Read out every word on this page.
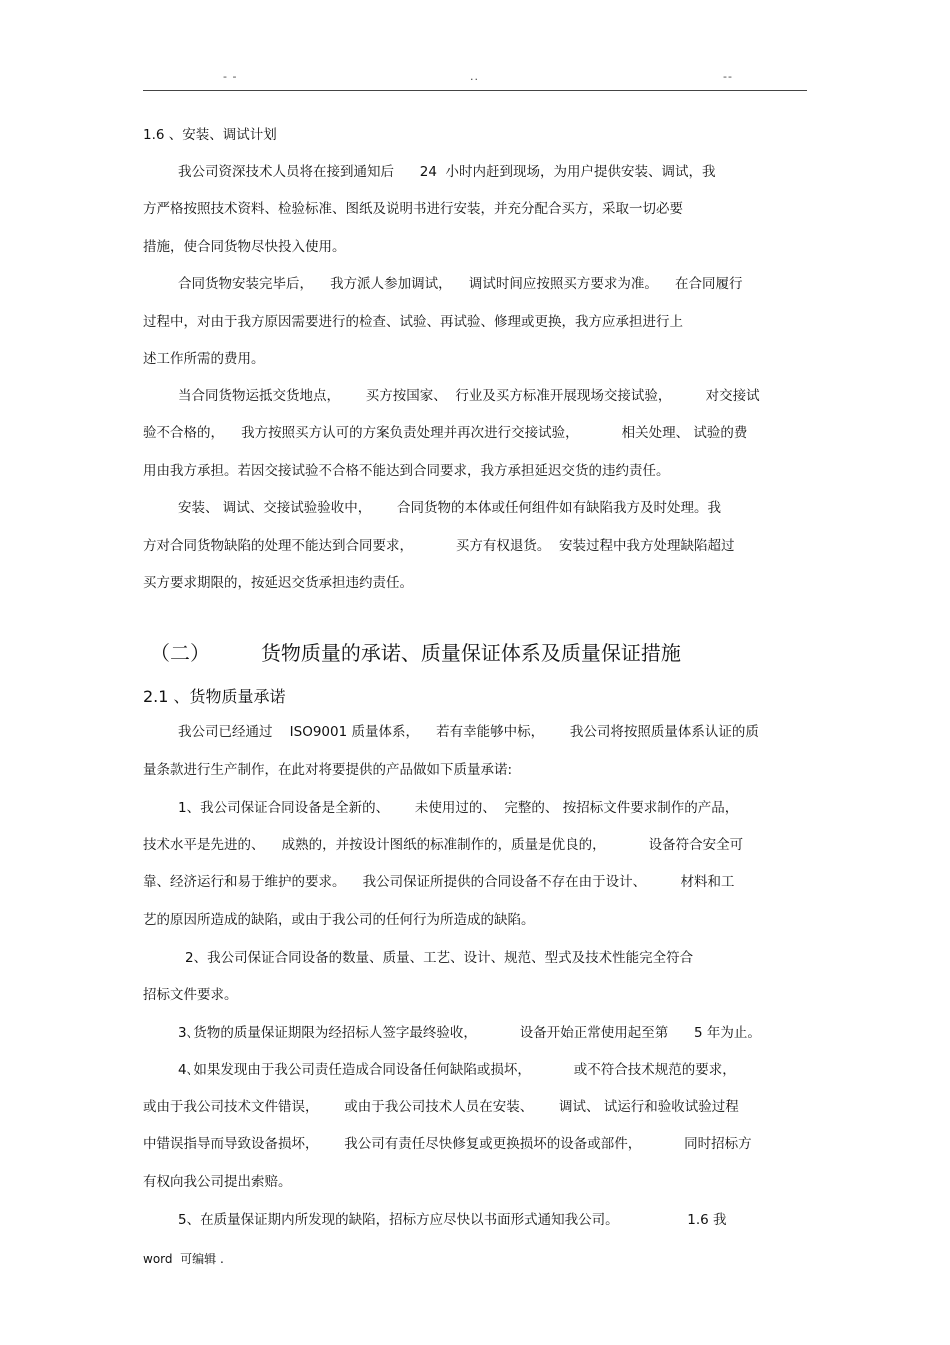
- -	..	--
1.6 、安装、调试计划
我公司资深技术人员将在接到通知后      24  小时内赶到现场，为用户提供安装、调试，我
方严格按照技术资料、检验标准、图纸及说明书进行安装，并充分配合买方，采取一切必要
措施，使合同货物尽快投入使用。
合同货物安装完毕后，    我方派人参加调试，    调试时间应按照买方要求为准。    在合同履行
过程中，对由于我方原因需要进行的检查、试验、再试验、修理或更换，我方应承担进行上
述工作所需的费用。
当合同货物运抵交货地点，      买方按国家、  行业及买方标准开展现场交接试验，        对交接试
验不合格的，    我方按照买方认可的方案负责处理并再次进行交接试验，          相关处理、 试验的费
用由我方承担。若因交接试验不合格不能达到合同要求，我方承担延迟交货的违约责任。
安装、 调试、交接试验验收中，      合同货物的本体或任何组件如有缺陷我方及时处理。我
方对合同货物缺陷的处理不能达到合同要求，          买方有权退货。  安装过程中我方处理缺陷超过
买方要求期限的，按延迟交货承担违约责任。
（二）        货物质量的承诺、质量保证体系及质量保证措施
2.1 、货物质量承诺
我公司已经通过    ISO9001 质量体系，    若有幸能够中标，      我公司将按照质量体系认证的质
量条款进行生产制作，在此对将要提供的产品做如下质量承诺:
1、我公司保证合同设备是全新的、      未使用过的、  完整的、 按招标文件要求制作的产品，
技术水平是先进的、    成熟的，并按设计图纸的标准制作的，质量是优良的，          设备符合安全可
靠、经济运行和易于维护的要求。    我公司保证所提供的合同设备不存在由于设计、        材料和工
艺的原因所造成的缺陷，或由于我公司的任何行为所造成的缺陷。
2、我公司保证合同设备的数量、质量、工艺、设计、规范、型式及技术性能完全符合
招标文件要求。
3､货物的质量保证期限为经招标人签字最终验收，          设备开始正常使用起至第      5 年为止。
4､如果发现由于我公司责任造成合同设备任何缺陷或损坏，          或不符合技术规范的要求，
或由于我公司技术文件错误，      或由于我公司技术人员在安装、      调试、 试运行和验收试验过程
中错误指导而导致设备损坏，      我公司有责任尽快修复或更换损坏的设备或部件，          同时招标方
有权向我公司提出索赔。
5、在质量保证期内所发现的缺陷，招标方应尽快以书面形式通知我公司。                1.6 我
word  可编辑 .
